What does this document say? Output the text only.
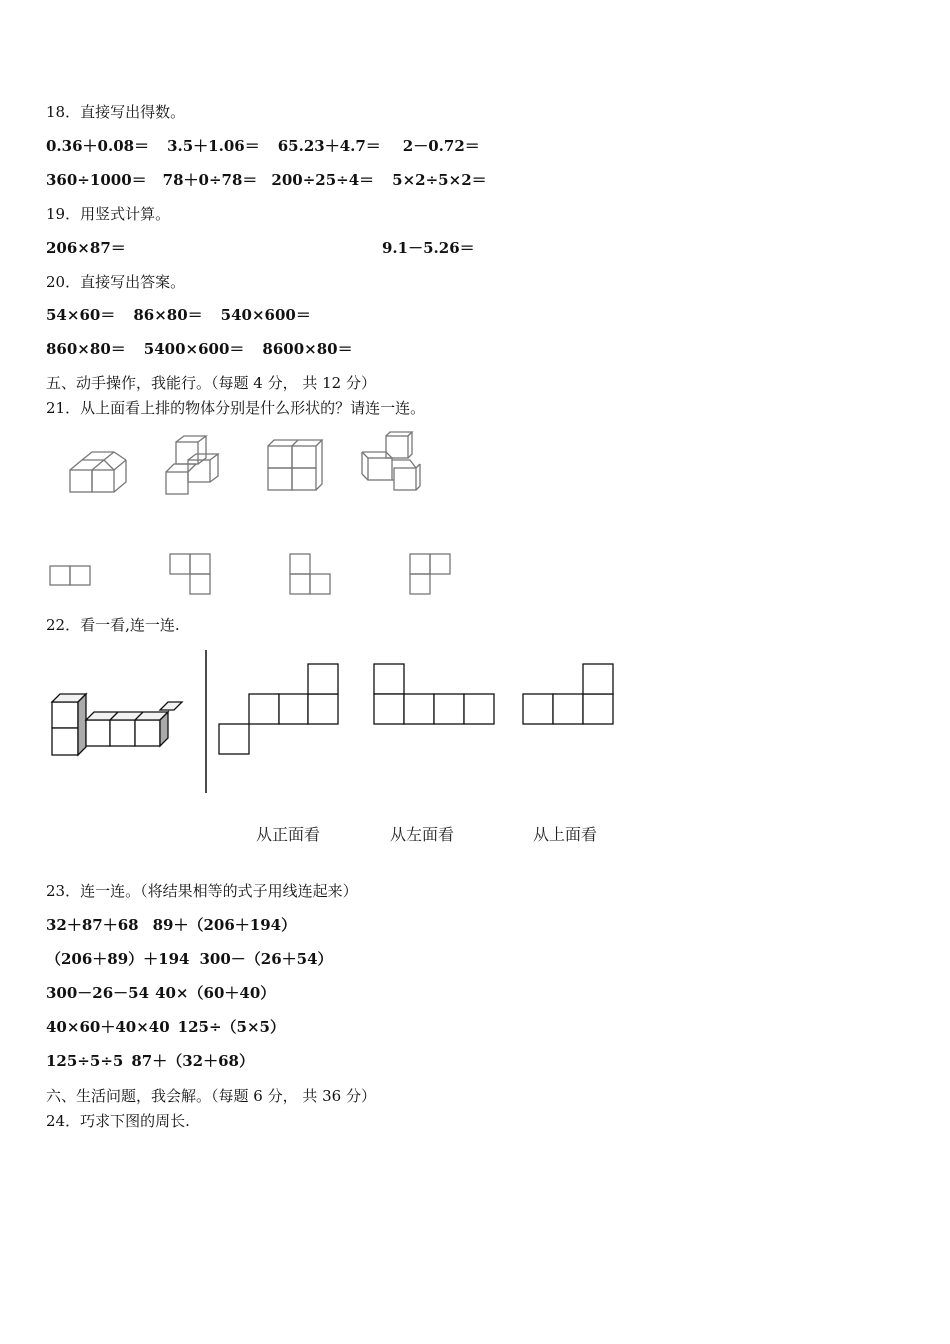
18．直接写出得数。
0.36＋0.08＝ 3.5＋1.06＝ 65.23＋4.7＝ 2－0.72＝
360÷1000＝ 78＋0÷78＝ 200÷25÷4＝ 5×2÷5×2＝
19．用竖式计算。
206×87＝	9.1－5.26＝
20．直接写出答案。
54×60＝ 86×80＝ 540×600＝
860×80＝ 5400×600＝ 8600×80＝
五、动手操作，我能行。（每题 4 分， 共 12 分）
21．从上面看上排的物体分别是什么形状的？请连一连。
22．看一看,连一连.
从正面看	从左面看	从上面看
23．连一连。（将结果相等的式子用线连起来）
32＋87＋68 89＋（206＋194）
（206＋89）＋194 300－（26＋54）
300－26－54 40×（60＋40）
40×60＋40×40 125÷（5×5）
125÷5÷5 87＋（32＋68）
六、生活问题，我会解。（每题 6 分， 共 36 分）
24．巧求下图的周长.
